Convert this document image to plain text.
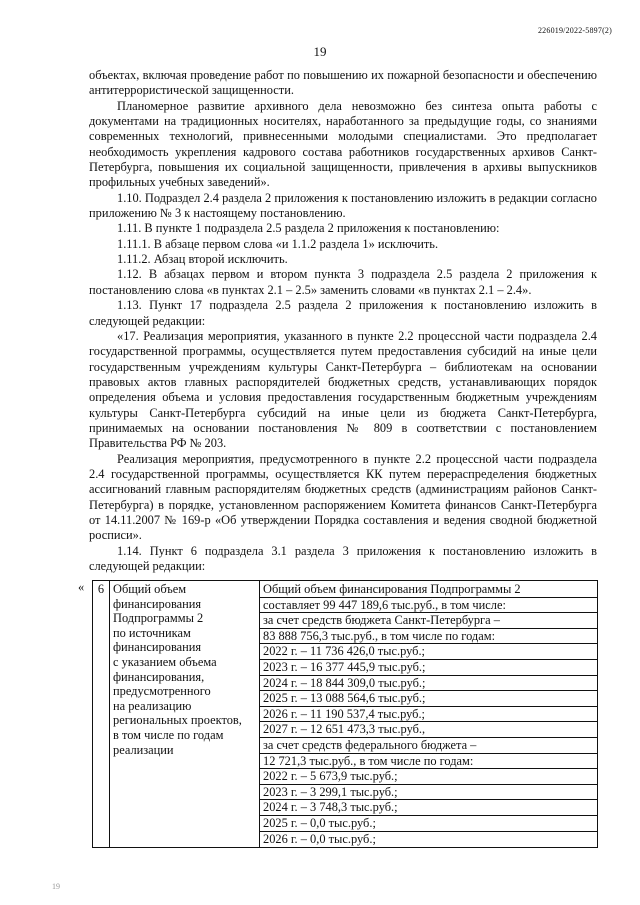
226019/2022-5897(2)
19

объектах, включая проведение работ по повышению их пожарной безопасности и обеспечению антитеррористической защищенности.

Планомерное развитие архивного дела невозможно без синтеза опыта работы с документами на традиционных носителях, наработанного за предыдущие годы, со знаниями современных технологий, привнесенными молодыми специалистами. Это предполагает необходимость укрепления кадрового состава работников государственных архивов Санкт-Петербурга, повышения их социальной защищенности, привлечения в архивы выпускников профильных учебных заведений».

1.10. Подраздел 2.4 раздела 2 приложения к постановлению изложить в редакции согласно приложению № 3 к настоящему постановлению.

1.11. В пункте 1 подраздела 2.5 раздела 2 приложения к постановлению:

1.11.1. В абзаце первом слова «и 1.1.2 раздела 1» исключить.

1.11.2. Абзац второй исключить.

1.12. В абзацах первом и втором пункта 3 подраздела 2.5 раздела 2 приложения к постановлению слова «в пунктах 2.1 – 2.5» заменить словами «в пунктах 2.1 – 2.4».

1.13. Пункт 17 подраздела 2.5 раздела 2 приложения к постановлению изложить в следующей редакции:

«17. Реализация мероприятия, указанного в пункте 2.2 процессной части подраздела 2.4 государственной программы, осуществляется путем предоставления субсидий на иные цели государственным учреждениям культуры Санкт-Петербурга – библиотекам на основании правовых актов главных распорядителей бюджетных средств, устанавливающих порядок определения объема и условия предоставления государственным бюджетным учреждениям культуры Санкт-Петербурга субсидий на иные цели из бюджета Санкт-Петербурга, принимаемых на основании постановления № 809 в соответствии с постановлением Правительства РФ № 203.

Реализация мероприятия, предусмотренного в пункте 2.2 процессной части подраздела 2.4 государственной программы, осуществляется КК путем перераспределения бюджетных ассигнований главным распорядителям бюджетных средств (администрациям районов Санкт-Петербурга) в порядке, установленном распоряжением Комитета финансов Санкт-Петербурга от 14.11.2007 № 169-р «Об утверждении Порядка составления и ведения сводной бюджетной росписи».

1.14. Пункт 6 подраздела 3.1 раздела 3 приложения к постановлению изложить в следующей редакции:

« 6	Общий объем
финансирования
Подпрограммы 2
по источникам
финансирования
с указанием объема
финансирования,
предусмотренного
на реализацию
региональных проектов,
в том числе по годам
реализации

Общий объем финансирования Подпрограммы 2
составляет 99 447 189,6 тыс.руб., в том числе:
за счет средств бюджета Санкт-Петербурга –
83 888 756,3 тыс.руб., в том числе по годам:
2022 г. – 11 736 426,0 тыс.руб.;
2023 г. – 16 377 445,9 тыс.руб.;
2024 г. – 18 844 309,0 тыс.руб.;
2025 г. – 13 088 564,6 тыс.руб.;
2026 г. – 11 190 537,4 тыс.руб.;
2027 г. – 12 651 473,3 тыс.руб.,
за счет средств федерального бюджета –
12 721,3 тыс.руб., в том числе по годам:
2022 г. – 5 673,9 тыс.руб.;
2023 г. – 3 299,1 тыс.руб.;
2024 г. – 3 748,3 тыс.руб.;
2025 г. – 0,0 тыс.руб.;
2026 г. – 0,0 тыс.руб.;
19
